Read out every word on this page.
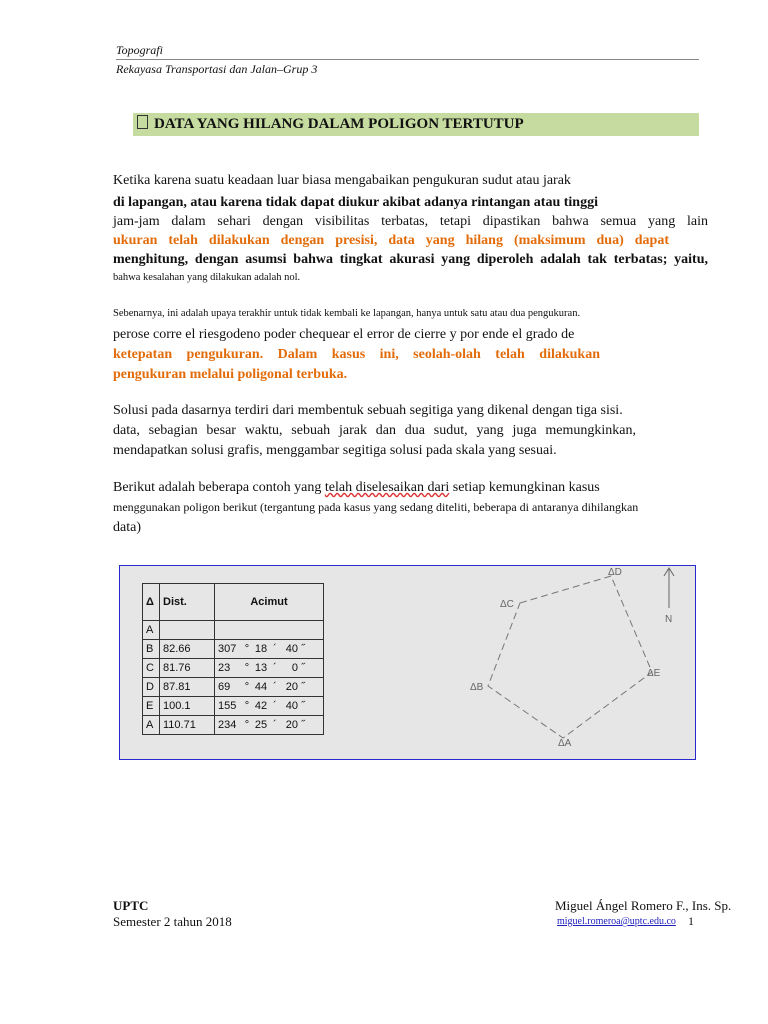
Topografi
Rekayasa Transportasi dan Jalan–Grup 3
DATA YANG HILANG DALAM POLIGON TERTUTUP
Ketika karena suatu keadaan luar biasa mengabaikan pengukuran sudut atau jarak
di lapangan, atau karena tidak dapat diukur akibat adanya rintangan atau tinggi
jam-jam dalam sehari dengan visibilitas terbatas, tetapi dipastikan bahwa semua yang lain
ukuran telah dilakukan dengan presisi, data yang hilang (maksimum dua) dapat
menghitung, dengan asumsi bahwa tingkat akurasi yang diperoleh adalah tak terbatas; yaitu,
bahwa kesalahan yang dilakukan adalah nol.
Sebenarnya, ini adalah upaya terakhir untuk tidak kembali ke lapangan, hanya untuk satu atau dua pengukuran.
perose corre el riesgodeno poder chequear el error de cierre y por ende el grado de
ketepatan pengukuran. Dalam kasus ini, seolah-olah telah dilakukan
pengukuran melalui poligonal terbuka.
Solusi pada dasarnya terdiri dari membentuk sebuah segitiga yang dikenal dengan tiga sisi.
data, sebagian besar waktu, sebuah jarak dan dua sudut, yang juga memungkinkan,
mendapatkan solusi grafis, menggambar segitiga solusi pada skala yang sesuai.
Berikut adalah beberapa contoh yang telah diselesaikan dari setiap kemungkinan kasus
menggunakan poligon berikut (tergantung pada kasus yang sedang diteliti, beberapa di antaranya dihilangkan
data)
Δ	Dist.	Acimut
A		
B	82.66	307 ° 18 ´ 40 ˝
C	81.76	23 ° 13 ´ 0 ˝
D	87.81	69 ° 44 ´ 20 ˝
E	100.1	155 ° 42 ´ 40 ˝
A	110.71	234 ° 25 ´ 20 ˝
ΔC
ΔD
ΔE
ΔA
ΔB
N
UPTC
Semester 2 tahun 2018
Miguel Ángel Romero F., Ins. Sp.
miguel.romeroa@uptc.edu.co 1
